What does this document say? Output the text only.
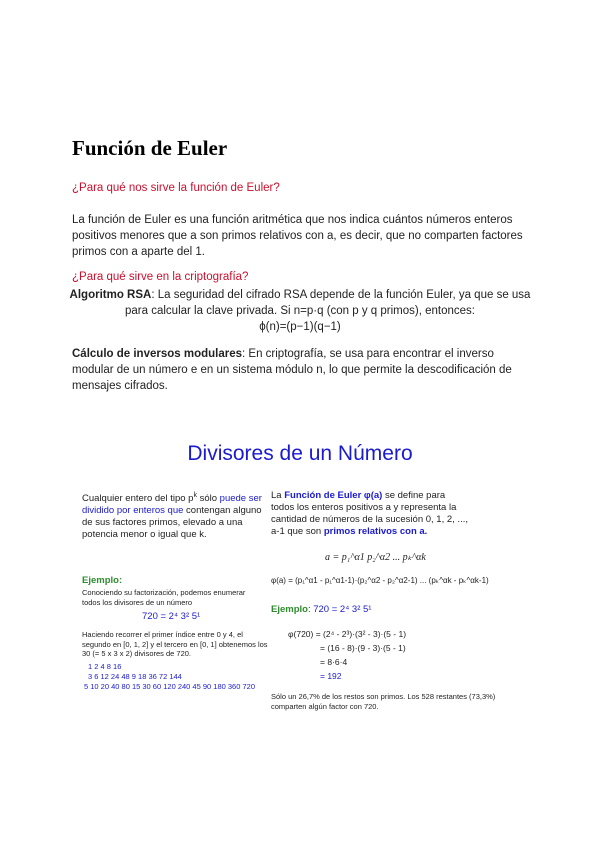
Función de Euler
¿Para qué nos sirve la función de Euler?
La función de Euler es una función aritmética que nos indica cuántos números enteros positivos menores que a son primos relativos con a, es decir, que no comparten factores primos con a aparte del 1.
¿Para qué sirve en la criptografía?
Algoritmo RSA: La seguridad del cifrado RSA depende de la función Euler, ya que se usa para calcular la clave privada. Si n=p·q (con p y q primos), entonces:
ϕ(n)=(p−1)(q−1)
Cálculo de inversos modulares: En criptografía, se usa para encontrar el inverso modular de un número e en un sistema módulo n, lo que permite la descodificación de mensajes cifrados.
Divisores de un Número
Cualquier entero del tipo $p^k$ sólo puede ser dividido por enteros que contengan alguno de sus factores primos, elevado a una potencia menor o igual que k.
Ejemplo:
Conociendo su factorización, podemos enumerar todos los divisores de un número
720 = 2⁴ 3² 5¹
Haciendo recorrer el primer índice entre 0 y 4, el segundo en [0, 1, 2] y el tercero en [0, 1] obtenemos los 30 (= 5 x 3 x 2) divisores de 720.
1 2 4 8 16
3 6 12 24 48 9 18 36 72 144
5 10 20 40 80 15 30 60 120 240 45 90 180 360 720
La Función de Euler φ(a) se define para todos los enteros positivos a y representa la cantidad de números de la sucesión 0, 1, 2, ..., a-1 que son primos relativos con a.
a = p₁^α1 p₂^α2 ... pₖ^αk
φ(a) = (p₁^α1 - p₁^α1-1)·(p₂^α2 - p₂^α2-1) ... (pₖ^αk - pₖ^αk-1)
Ejemplo: 720 = 2⁴ 3² 5¹
φ(720) = (2⁴ - 2³)·(3² - 3)·(5 - 1)
= (16 - 8)·(9 - 3)·(5 - 1)
= 8·6·4
= 192
Sólo un 26,7% de los restos son primos. Los 528 restantes (73,3%) comparten algún factor con 720.
